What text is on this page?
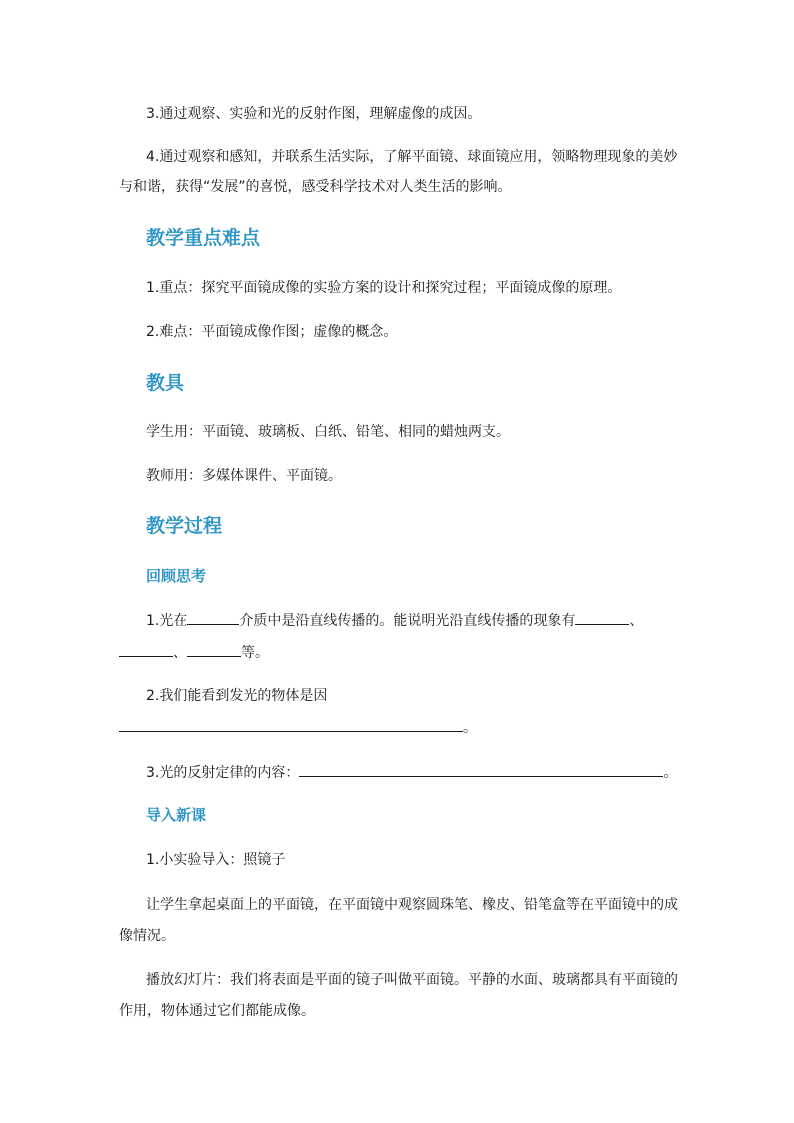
3.通过观察、实验和光的反射作图，理解虚像的成因。
4.通过观察和感知，并联系生活实际，了解平面镜、球面镜应用，领略物理现象的美妙
与和谐，获得“发展”的喜悦，感受科学技术对人类生活的影响。
教学重点难点
1.重点：探究平面镜成像的实验方案的设计和探究过程；平面镜成像的原理。
2.难点：平面镜成像作图；虚像的概念。
教具
学生用：平面镜、玻璃板、白纸、铅笔、相同的蜡烛两支。
教师用：多媒体课件、平面镜。
教学过程
回顾思考
1.光在	介质中是沿直线传播的。能说明光沿直线传播的现象有	、
、	等。
2.我们能看到发光的物体是因
。
3.光的反射定律的内容：	。
导入新课
1.小实验导入：照镜子
让学生拿起桌面上的平面镜，在平面镜中观察圆珠笔、橡皮、铅笔盒等在平面镜中的成
像情况。
播放幻灯片：我们将表面是平面的镜子叫做平面镜。平静的水面、玻璃都具有平面镜的
作用，物体通过它们都能成像。
